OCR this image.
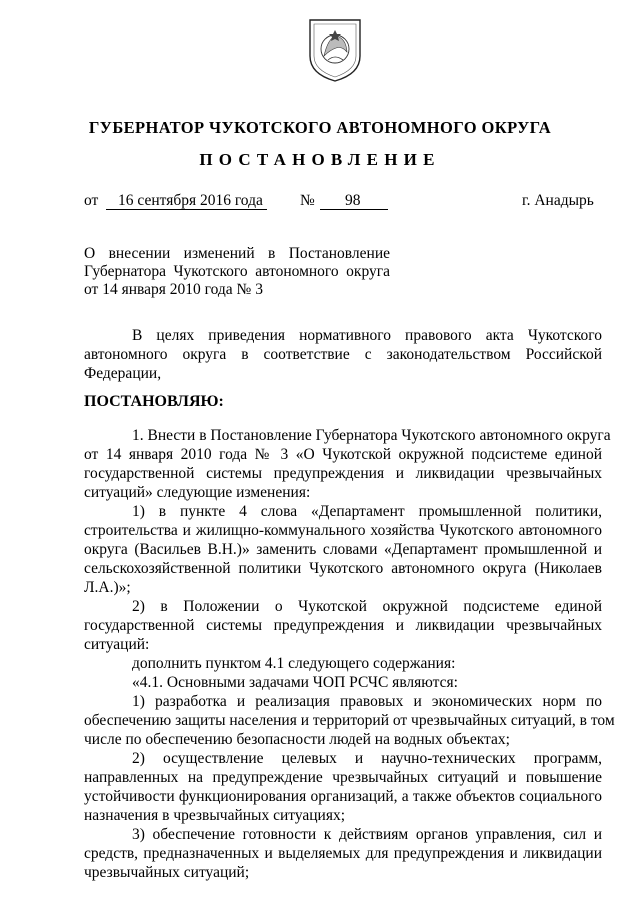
ГУБЕРНАТОР ЧУКОТСКОГО АВТОНОМНОГО ОКРУГА
ПОСТАНОВЛЕНИЕ
от 16 сентября 2016 года № 98	г. Анадырь
О внесении изменений в Постановление
Губернатора Чукотского автономного округа
от 14 января 2010 года № 3
В целях приведения нормативного правового акта Чукотского
автономного округа в соответствие с законодательством Российской
Федерации,
ПОСТАНОВЛЯЮ:
1. Внести в Постановление Губернатора Чукотского автономного округа
от 14 января 2010 года № 3 «О Чукотской окружной подсистеме единой
государственной системы предупреждения и ликвидации чрезвычайных
ситуаций» следующие изменения:
1) в пункте 4 слова «Департамент промышленной политики,
строительства и жилищно-коммунального хозяйства Чукотского автономного
округа (Васильев В.Н.)» заменить словами «Департамент промышленной и
сельскохозяйственной политики Чукотского автономного округа (Николаев
Л.А.)»;
2) в Положении о Чукотской окружной подсистеме единой
государственной системы предупреждения и ликвидации чрезвычайных
ситуаций:
дополнить пунктом 4.1 следующего содержания:
«4.1. Основными задачами ЧОП РСЧС являются:
1) разработка и реализация правовых и экономических норм по
обеспечению защиты населения и территорий от чрезвычайных ситуаций, в том
числе по обеспечению безопасности людей на водных объектах;
2) осуществление целевых и научно-технических программ,
направленных на предупреждение чрезвычайных ситуаций и повышение
устойчивости функционирования организаций, а также объектов социального
назначения в чрезвычайных ситуациях;
3) обеспечение готовности к действиям органов управления, сил и
средств, предназначенных и выделяемых для предупреждения и ликвидации
чрезвычайных ситуаций;
